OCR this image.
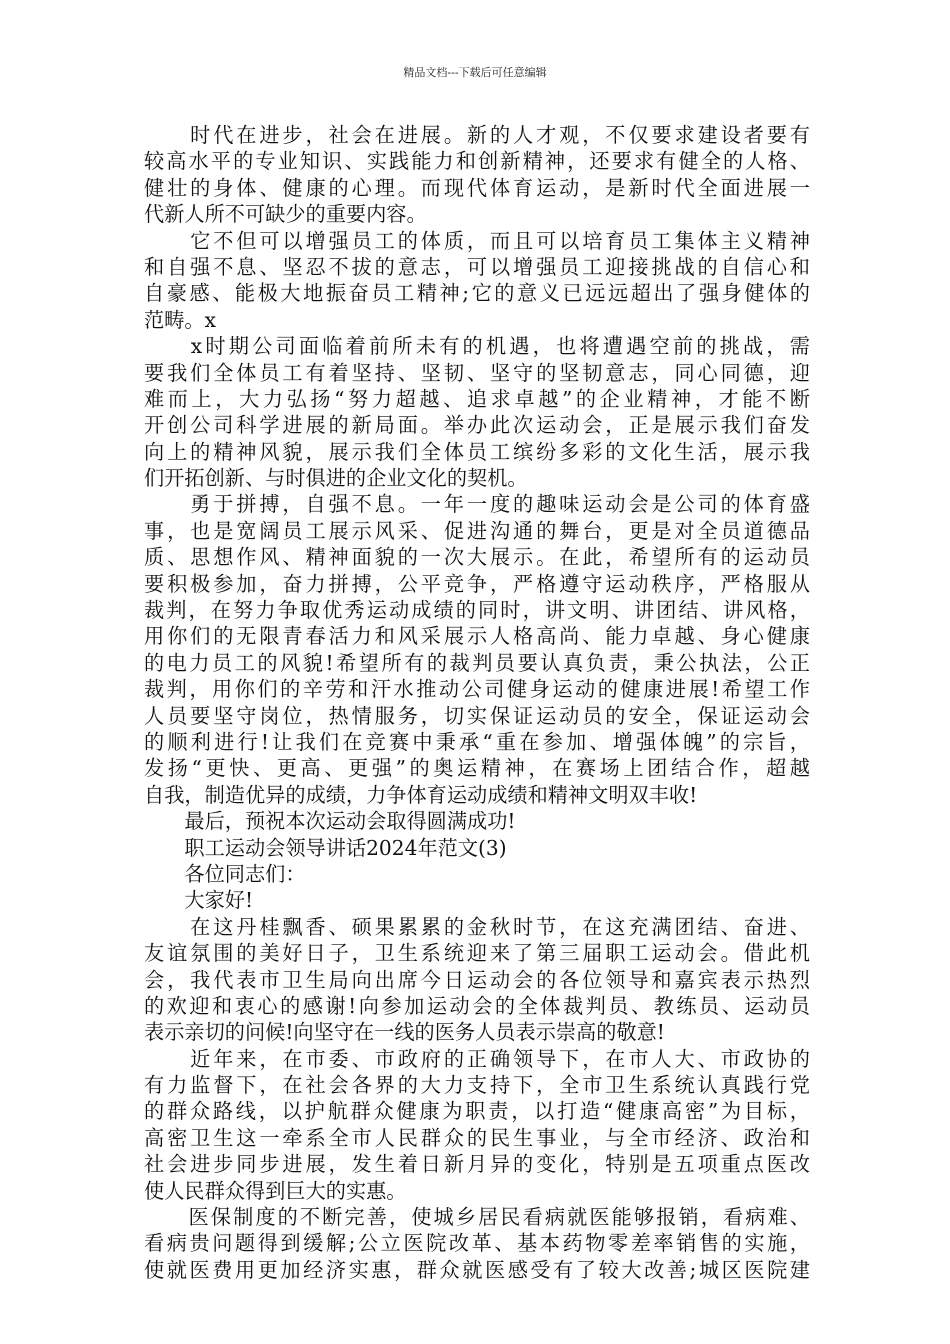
精品文档---下载后可任意编辑
　　时代在进步，社会在进展。新的人才观，不仅要求建设者要有
较高水平的专业知识、实践能力和创新精神，还要求有健全的人格、
健壮的身体、健康的心理。而现代体育运动，是新时代全面进展一
代新人所不可缺少的重要内容。
　　它不但可以增强员工的体质，而且可以培育员工集体主义精神
和自强不息、坚忍不拔的意志，可以增强员工迎接挑战的自信心和
自豪感、能极大地振奋员工精神;它的意义已远远超出了强身健体的
范畴。x
　　x时期公司面临着前所未有的机遇，也将遭遇空前的挑战，需
要我们全体员工有着坚持、坚韧、坚守的坚韧意志，同心同德，迎
难而上，大力弘扬“努力超越、追求卓越”的企业精神，才能不断
开创公司科学进展的新局面。举办此次运动会，正是展示我们奋发
向上的精神风貌，展示我们全体员工缤纷多彩的文化生活，展示我
们开拓创新、与时俱进的企业文化的契机。
　　勇于拼搏，自强不息。一年一度的趣味运动会是公司的体育盛
事，也是宽阔员工展示风采、促进沟通的舞台，更是对全员道德品
质、思想作风、精神面貌的一次大展示。在此，希望所有的运动员
要积极参加，奋力拼搏，公平竞争，严格遵守运动秩序，严格服从
裁判，在努力争取优秀运动成绩的同时，讲文明、讲团结、讲风格，
用你们的无限青春活力和风采展示人格高尚、能力卓越、身心健康
的电力员工的风貌!希望所有的裁判员要认真负责，秉公执法，公正
裁判，用你们的辛劳和汗水推动公司健身运动的健康进展!希望工作
人员要坚守岗位，热情服务，切实保证运动员的安全，保证运动会
的顺利进行!让我们在竞赛中秉承“重在参加、增强体魄”的宗旨，
发扬“更快、更高、更强”的奥运精神，在赛场上团结合作，超越
自我，制造优异的成绩，力争体育运动成绩和精神文明双丰收!
　　最后，预祝本次运动会取得圆满成功!
　　职工运动会领导讲话2024年范文(3)
　　各位同志们：
　　大家好!
　　在这丹桂飘香、硕果累累的金秋时节，在这充满团结、奋进、
友谊氛围的美好日子，卫生系统迎来了第三届职工运动会。借此机
会，我代表市卫生局向出席今日运动会的各位领导和嘉宾表示热烈
的欢迎和衷心的感谢!向参加运动会的全体裁判员、教练员、运动员
表示亲切的问候!向坚守在一线的医务人员表示崇高的敬意!
　　近年来，在市委、市政府的正确领导下，在市人大、市政协的
有力监督下，在社会各界的大力支持下，全市卫生系统认真践行党
的群众路线，以护航群众健康为职责，以打造“健康高密”为目标，
高密卫生这一牵系全市人民群众的民生事业，与全市经济、政治和
社会进步同步进展，发生着日新月异的变化，特别是五项重点医改
使人民群众得到巨大的实惠。
　　医保制度的不断完善，使城乡居民看病就医能够报销，看病难、
看病贵问题得到缓解;公立医院改革、基本药物零差率销售的实施，
使就医费用更加经济实惠，群众就医感受有了较大改善;城区医院建
